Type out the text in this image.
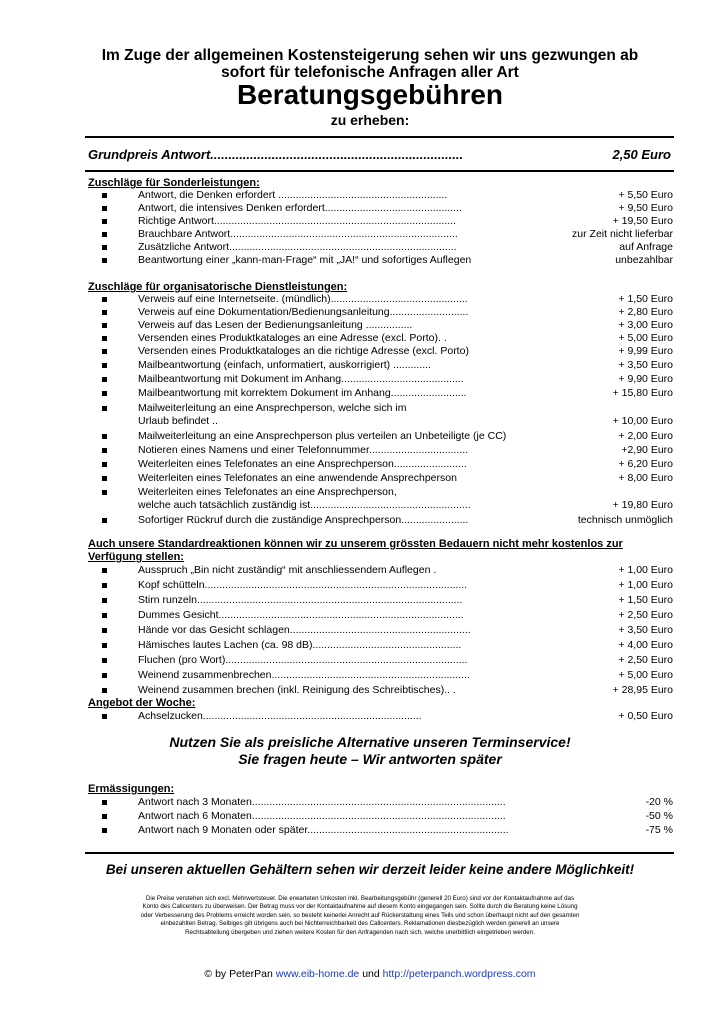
Im Zuge der allgemeinen Kostensteigerung sehen wir uns gezwungen ab
sofort für telefonische Anfragen aller Art
Beratungsgebühren
zu erheben:
Grundpreis Antwort......................................................................	2,50 Euro
Zuschläge für Sonderleistungen:
Antwort, die Denken erfordert ..........................................................	+ 5,50 Euro
Antwort, die intensives Denken erfordert...............................................	+ 9,50 Euro
Richtige Antwort...................................................................................	+ 19,50 Euro
Brauchbare Antwort..............................................................................	zur Zeit nicht lieferbar
Zusätzliche Antwort..............................................................................	auf Anfrage
Beantwortung einer „kann-man-Frage“ mit „JA!“ und sofortiges Auflegen	unbezahlbar
Zuschläge für organisatorische Dienstleistungen:
Verweis auf eine Internetseite. (mündlich)...............................................	+ 1,50 Euro
Verweis auf eine Dokumentation/Bedienungsanleitung...........................	+ 2,80 Euro
Verweis auf das Lesen der Bedienungsanleitung ................	+ 3,00 Euro
Versenden eines Produktkataloges an eine Adresse (excl. Porto). .	+ 5,00 Euro
Versenden eines Produktkataloges an die richtige Adresse (excl. Porto)	+ 9,99 Euro
Mailbeantwortung (einfach, unformatiert, auskorrigiert) .............	+ 3,50 Euro
Mailbeantwortung mit Dokument im Anhang..........................................	+ 9,90 Euro
Mailbeantwortung mit korrektem Dokument im Anhang..........................	+ 15,80 Euro
Mailweiterleitung an eine Ansprechperson, welche sich im
Urlaub befindet ..	+ 10,00 Euro
Mailweiterleitung an eine Ansprechperson plus verteilen an Unbeteiligte (je CC)	+ 2,00 Euro
Notieren eines Namens und einer Telefonnummer..................................	+2,90 Euro
Weiterleiten eines Telefonates an eine Ansprechperson.........................	+ 6,20 Euro
Weiterleiten eines Telefonates an eine anwendende Ansprechperson	+ 8,00 Euro
Weiterleiten eines Telefonates an eine Ansprechperson,
welche auch tatsächlich zuständig ist.......................................................	+ 19,80 Euro
Sofortiger Rückruf durch die zuständige Ansprechperson.......................	technisch unmöglich
Auch unsere Standardreaktionen können wir zu unserem grössten Bedauern nicht mehr kostenlos zur Verfügung stellen:
Ausspruch „Bin nicht zuständig“ mit anschliessendem Auflegen .	+ 1,00 Euro
Kopf schütteln..........................................................................................	+ 1,00 Euro
Stirn runzeln...........................................................................................	+ 1,50 Euro
Dummes Gesicht....................................................................................	+ 2,50 Euro
Hände vor das Gesicht schlagen..............................................................	+ 3,50 Euro
Hämisches lautes Lachen (ca. 98 dB)...................................................	+ 4,00 Euro
Fluchen (pro Wort)...................................................................................	+ 2,50 Euro
Weinend zusammenbrechen....................................................................	+ 5,00 Euro
Weinend zusammen brechen (inkl. Reinigung des Schreibtisches).. .	+ 28,95 Euro
Angebot der Woche:
Achselzucken...........................................................................	+ 0,50 Euro
Nutzen Sie als preisliche Alternative unseren Terminservice!
Sie fragen heute – Wir antworten später
Ermässigungen:
Antwort nach 3 Monaten.......................................................................................	-20 %
Antwort nach 6 Monaten.......................................................................................	-50 %
Antwort nach 9 Monaten oder später.....................................................................	-75 %
Bei unseren aktuellen Gehältern sehen wir derzeit leider keine andere Möglichkeit!
Die Preise verstehen sich excl. Mehrwertsteuer. Die erwarteten Unkosten inkl. Bearbeitungsgebühr (generell 20 Euro) sind vor der Kontaktaufnahme auf das Konto des Callcenters zu überweisen. Der Betrag muss vor der Kontaktaufnahme auf diesem Konto eingegangen sein. Sollte durch die Beratung keine Lösung oder Verbesserung des Problems erreicht worden sein, so besteht keinerlei Anrecht auf Rückerstattung eines Teils und schon überhaupt nicht auf den gesamten einbezahlten Betrag. Selbiges gilt übrigens auch bei Nichterreichbarkeit des Callcenters. Reklamationen diesbezüglich werden generell an unsere Rechtsabteilung übergeben und ziehen weitere Kosten für den Anfragenden nach sich, welche unerbittlich eingetrieben werden.
© by PeterPan www.eib-home.de und http://peterpanch.wordpress.com
